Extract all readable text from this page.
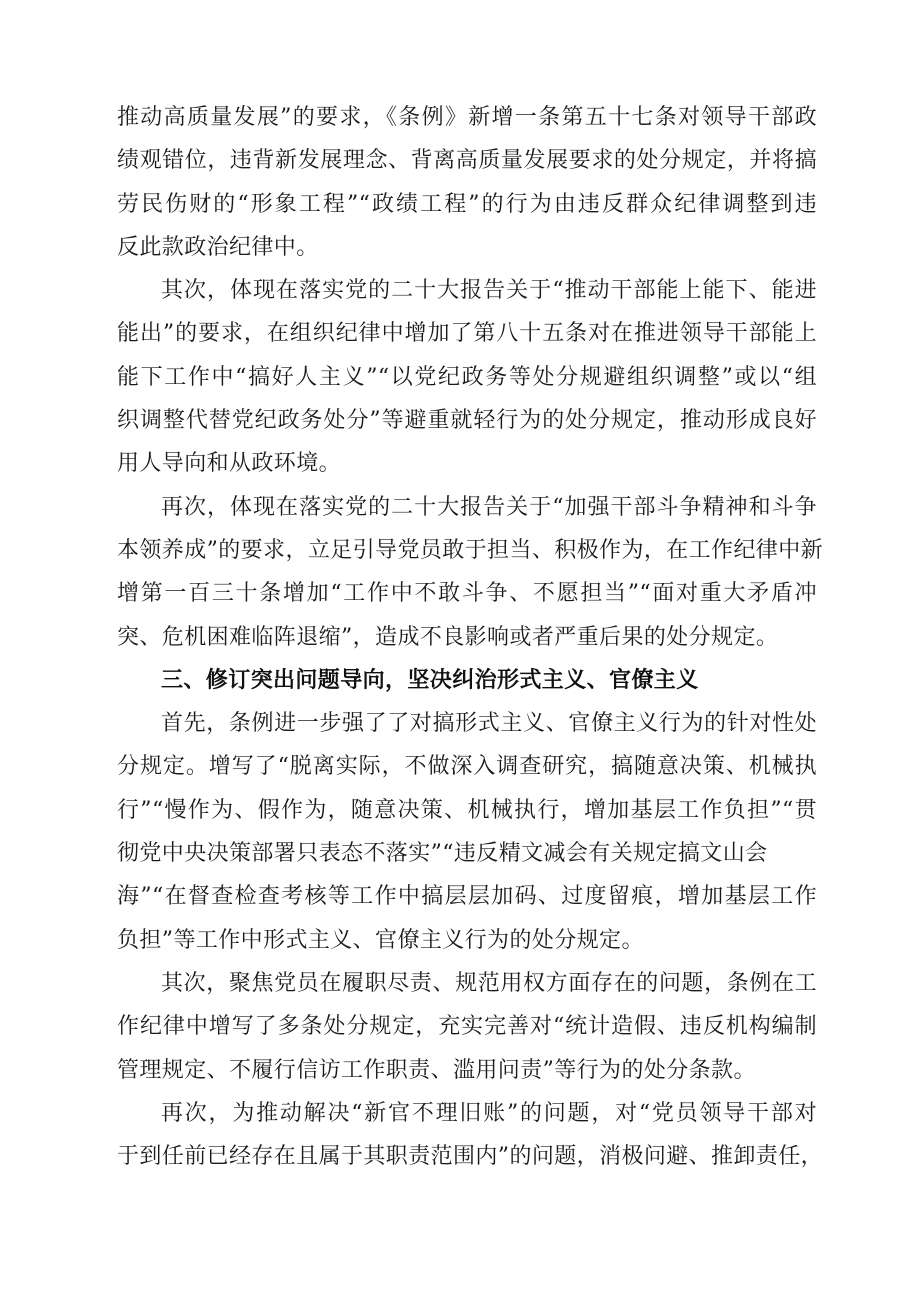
推动高质量发展”的要求，《条例》新增一条第五十七条对领导干部政
绩观错位，违背新发展理念、背离高质量发展要求的处分规定，并将搞
劳民伤财的“形象工程”“政绩工程”的行为由违反群众纪律调整到违
反此款政治纪律中。
其次，体现在落实党的二十大报告关于“推动干部能上能下、能进
能出”的要求，在组织纪律中增加了第八十五条对在推进领导干部能上
能下工作中“搞好人主义”“以党纪政务等处分规避组织调整”或以“组
织调整代替党纪政务处分”等避重就轻行为的处分规定，推动形成良好
用人导向和从政环境。
再次，体现在落实党的二十大报告关于“加强干部斗争精神和斗争
本领养成”的要求，立足引导党员敢于担当、积极作为，在工作纪律中新
增第一百三十条增加“工作中不敢斗争、不愿担当”“面对重大矛盾冲
突、危机困难临阵退缩”，造成不良影响或者严重后果的处分规定。
三、修订突出问题导向，坚决纠治形式主义、官僚主义
首先，条例进一步强了了对搞形式主义、官僚主义行为的针对性处
分规定。增写了“脱离实际，不做深入调查研究，搞随意决策、机械执
行”“慢作为、假作为，随意决策、机械执行，增加基层工作负担”“贯
彻党中央决策部署只表态不落实”“违反精文减会有关规定搞文山会
海”“在督查检查考核等工作中搞层层加码、过度留痕，增加基层工作
负担”等工作中形式主义、官僚主义行为的处分规定。
其次，聚焦党员在履职尽责、规范用权方面存在的问题，条例在工
作纪律中增写了多条处分规定，充实完善对“统计造假、违反机构编制
管理规定、不履行信访工作职责、滥用问责”等行为的处分条款。
再次，为推动解决“新官不理旧账”的问题，对“党员领导干部对
于到任前已经存在且属于其职责范围内”的问题，消极问避、推卸责任，
